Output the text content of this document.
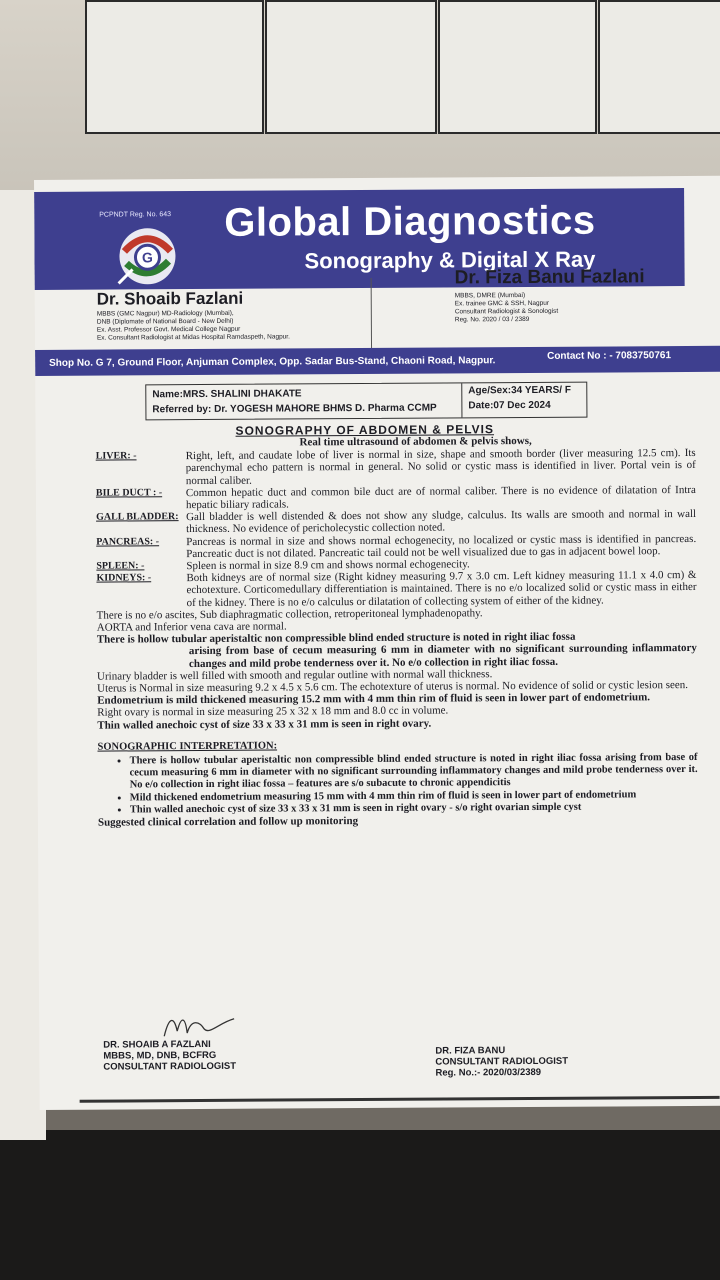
PCPNDT Reg. No. 643
G
Global Diagnostics
Sonography & Digital X Ray
Dr. Shoaib Fazlani
MBBS (GMC Nagpur) MD-Radiology (Mumbai),
DNB (Diplomate of National Board - New Delhi)
Ex. Asst. Professor Govt. Medical College Nagpur
Ex. Consultant Radiologist at Midas Hospital Ramdaspeth, Nagpur.
Dr. Fiza Banu Fazlani
MBBS, DMRE (Mumbai)
Ex. trainee GMC & SSH, Nagpur
Consultant Radiologist & Sonologist
Reg. No. 2020 / 03 / 2389
Shop No. G 7, Ground Floor, Anjuman Complex, Opp. Sadar Bus-Stand, Chaoni Road, Nagpur.	Contact No : - 7083750761
Name:MRS. SHALINI DHAKATE
Referred by: Dr. YOGESH MAHORE BHMS D. Pharma CCMP
Age/Sex:34 YEARS/ F
Date:07 Dec 2024
SONOGRAPHY OF ABDOMEN & PELVIS
Real time ultrasound of abdomen & pelvis shows,
LIVER: -	Right, left, and caudate lobe of liver is normal in size, shape and smooth border (liver measuring 12.5 cm). Its parenchymal echo pattern is normal in general. No solid or cystic mass is identified in liver. Portal vein is of normal caliber.
BILE DUCT : -	Common hepatic duct and common bile duct are of normal caliber. There is no evidence of dilatation of Intra hepatic biliary radicals.
GALL BLADDER: Gall bladder is well distended & does not show any sludge, calculus. Its walls are smooth and normal in wall thickness. No evidence of pericholecystic collection noted.
PANCREAS: -	Pancreas is normal in size and shows normal echogenecity, no localized or cystic mass is identified in pancreas. Pancreatic duct is not dilated. Pancreatic tail could not be well visualized due to gas in adjacent bowel loop.
SPLEEN: -	Spleen is normal in size 8.9 cm and shows normal echogenecity.
KIDNEYS: -	Both kidneys are of normal size (Right kidney measuring 9.7 x 3.0 cm. Left kidney measuring 11.1 x 4.0 cm) & echotexture. Corticomedullary differentiation is maintained. There is no e/o localized solid or cystic mass in either of the kidney. There is no e/o calculus or dilatation of collecting system of either of the kidney.

There is no e/o ascites, Sub diaphragmatic collection, retroperitoneal lymphadenopathy.

AORTA and Inferior vena cava are normal.

There is hollow tubular aperistaltic non compressible blind ended structure is noted in right iliac fossa

arising from base of cecum measuring 6 mm in diameter with no significant surrounding inflammatory changes and mild probe tenderness over it. No e/o collection in right iliac fossa.

Urinary bladder is well filled with smooth and regular outline with normal wall thickness.

Uterus is Normal in size measuring 9.2 x 4.5 x 5.6 cm. The echotexture of uterus is normal. No evidence of solid or cystic lesion seen.

Endometrium is mild thickened measuring 15.2 mm with 4 mm thin rim of fluid is seen in lower part of endometrium.

Right ovary is normal in size measuring 25 x 32 x 18 mm and 8.0 cc in volume.

Thin walled anechoic cyst of size 33 x 33 x 31 mm is seen in right ovary.

SONOGRAPHIC INTERPRETATION:
• There is hollow tubular aperistaltic non compressible blind ended structure is noted in right iliac fossa arising from base of cecum measuring 6 mm in diameter with no significant surrounding inflammatory changes and mild probe tenderness over it. No e/o collection in right iliac fossa – features are s/o subacute to chronic appendicitis
• Mild thickened endometrium measuring 15 mm with 4 mm thin rim of fluid is seen in lower part of endometrium
• Thin walled anechoic cyst of size 33 x 33 x 31 mm is seen in right ovary - s/o right ovarian simple cyst

Suggested clinical correlation and follow up monitoring

DR. SHOAIB A FAZLANI
MBBS, MD, DNB, BCFRG
CONSULTANT RADIOLOGIST
DR. FIZA BANU
CONSULTANT RADIOLOGIST
Reg. No.:- 2020/03/2389
